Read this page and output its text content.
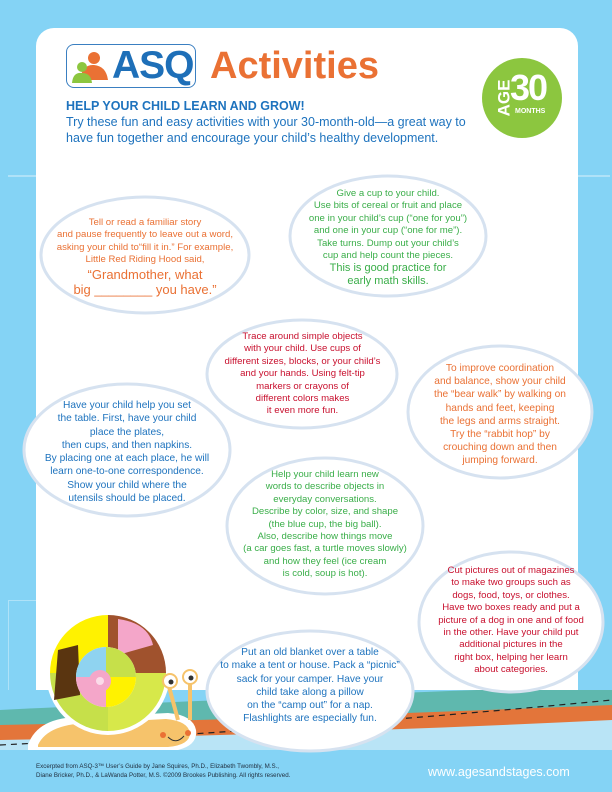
ASQ Activities
AGE
30
MONTHS
HELP YOUR CHILD LEARN AND GROW!
Try these fun and easy activities with your 30-month-old—a great way to have fun together and encourage your child’s healthy development.
Give a cup to your child.
Use bits of cereal or fruit and place
one in your child’s cup (“one for you”)
and one in your cup (“one for me”).
Take turns. Dump out your child’s
cup and help count the pieces.
This is good practice for
early math skills.
Tell or read a familiar story
and pause frequently to leave out a word,
asking your child to“fill it in.” For example,
Little Red Riding Hood said,
“Grandmother, what
big ________ you have.”
Trace around simple objects
with your child. Use cups of
different sizes, blocks, or your child’s
and your hands. Using felt-tip
markers or crayons of
different colors makes
it even more fun.
To improve coordination
and balance, show your child
the “bear walk” by walking on
hands and feet, keeping
the legs and arms straight.
Try the “rabbit hop” by
crouching down and then
jumping forward.
Have your child help you set
the table. First, have your child
place the plates,
then cups, and then napkins.
By placing one at each place, he will
learn one-to-one correspondence.
Show your child where the
utensils should be placed.
Help your child learn new
words to describe objects in
everyday conversations.
Describe by color, size, and shape
(the blue cup, the big ball).
Also, describe how things move
(a car goes fast, a turtle moves slowly)
and how they feel (ice cream
is cold, soup is hot).	Cut pictures out of magazines
to make two groups such as
dogs, food, toys, or clothes.
Have two boxes ready and put a
picture of a dog in one and of food
in the other. Have your child put
additional pictures in the
right box, helping her learn
about categories.
Put an old blanket over a table
to make a tent or house. Pack a “picnic”
sack for your camper. Have your
child take along a pillow
on the “camp out” for a nap.
Flashlights are especially fun.
Excerpted from ASQ-3™ User’s Guide by Jane Squires, Ph.D., Elizabeth Twombly, M.S.,
Diane Bricker, Ph.D., & LaWanda Potter, M.S. ©2009 Brookes Publishing. All rights reserved.	www.agesandstages.com
